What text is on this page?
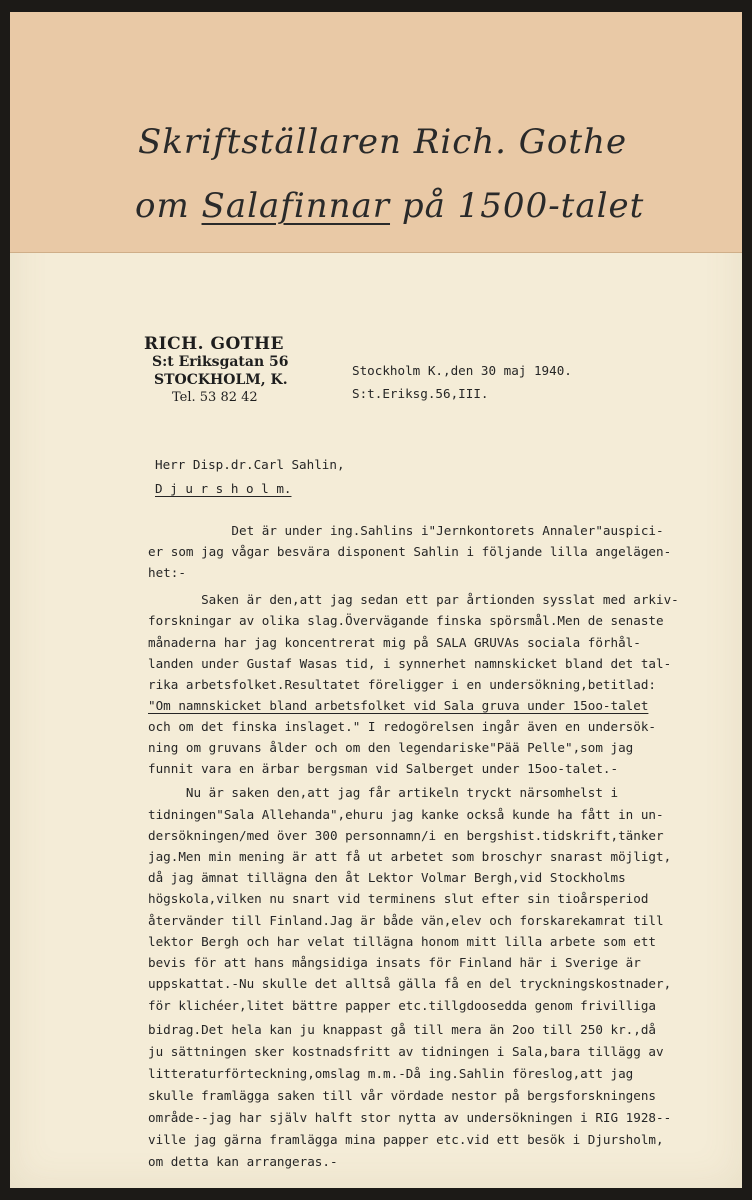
Skriftställaren Rich. Gothe
om Salafinnar på 1500-talet
RICH. GOTHE
S:t Eriksgatan 56
STOCKHOLM, K.
Tel. 53 82 42
Stockholm K.,den 30 maj 1940.
S:t.Eriksg.56,III.
Herr Disp.dr.Carl Sahlin,
D j u r s h o l m.
Det är under ing.Sahlins i"Jernkontorets Annaler"auspici-
er som jag vågar besvära disponent Sahlin i följande lilla angelägen-
het:-
Saken är den,att jag sedan ett par årtionden sysslat med arkiv-
forskningar av olika slag.Övervägande finska spörsmål.Men de senaste
månaderna har jag koncentrerat mig på SALA GRUVAs sociala förhål-
landen under Gustaf Wasas tid, i synnerhet namnskicket bland det tal-
rika arbetsfolket.Resultatet föreligger i en undersökning,betitlad:
"Om namnskicket bland arbetsfolket vid Sala gruva under 15oo-talet
och om det finska inslaget." I redogörelsen ingår även en undersök-
ning om gruvans ålder och om den legendariske"Pää Pelle",som jag
funnit vara en ärbar bergsman vid Salberget under 15oo-talet.-
Nu är saken den,att jag får artikeln tryckt närsomhelst i
tidningen"Sala Allehanda",ehuru jag kanke också kunde ha fått in un-
dersökningen/med över 300 personnamn/i en bergshist.tidskrift,tänker
jag.Men min mening är att få ut arbetet som broschyr snarast möjligt,
då jag ämnat tillägna den åt Lektor Volmar Bergh,vid Stockholms
högskola,vilken nu snart vid terminens slut efter sin tioårsperiod
återvänder till Finland.Jag är både vän,elev och forskarekamrat till
lektor Bergh och har velat tillägna honom mitt lilla arbete som ett
bevis för att hans mångsidiga insats för Finland här i Sverige är
uppskattat.-Nu skulle det alltså gälla få en del tryckningskostnader,
för klichéer,litet bättre papper etc.tillgdoosedda genom frivilliga
bidrag.Det hela kan ju knappast gå till mera än 2oo till 250 kr.,då
ju sättningen sker kostnadsfritt av tidningen i Sala,bara tillägg av
litteraturförteckning,omslag m.m.-Då ing.Sahlin föreslog,att jag
skulle framlägga saken till vår vördade nestor på bergsforskningens
område--jag har själv halft stor nytta av undersökningen i RIG 1928--
ville jag gärna framlägga mina papper etc.vid ett besök i Djursholm,
om detta kan arrangeras.-
